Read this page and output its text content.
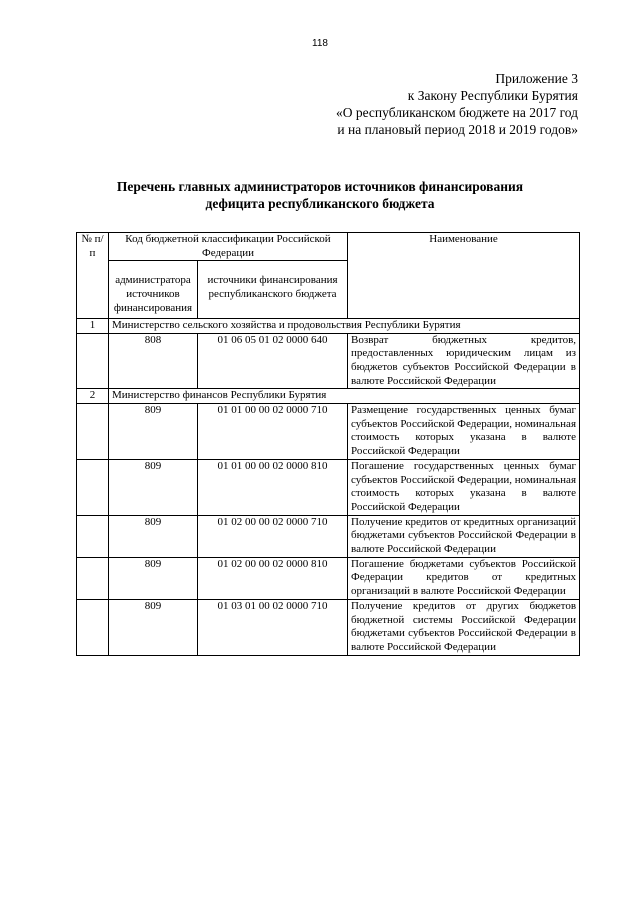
118
Приложение 3
к Закону Республики Бурятия
«О республиканском бюджете на 2017 год
и на плановый период 2018 и 2019 годов»
Перечень главных администраторов источников финансирования
дефицита республиканского бюджета
№ п/п	Код бюджетной классификации Российской Федерации		Наименование
	администратора источников финансирования	источники финансирования республиканского бюджета	
1	Министерство сельского хозяйства и продовольствия Республики Бурятия		
	808	01 06 05 01 02 0000 640	Возврат бюджетных кредитов, предоставленных юридическим лицам из бюджетов субъектов Российской Федерации в валюте Российской Федерации
2	Министерство финансов Республики Бурятия		
	809	01 01 00 00 02 0000 710	Размещение государственных ценных бумаг субъектов Российской Федерации, номинальная стоимость которых указана в валюте Российской Федерации
	809	01 01 00 00 02 0000 810	Погашение государственных ценных бумаг субъектов Российской Федерации, номинальная стоимость которых указана в валюте Российской Федерации
	809	01 02 00 00 02 0000 710	Получение кредитов от кредитных организаций бюджетами субъектов Российской Федерации в валюте Российской Федерации
	809	01 02 00 00 02 0000 810	Погашение бюджетами субъектов Российской Федерации кредитов от кредитных организаций в валюте Российской Федерации
	809	01 03 01 00 02 0000 710	Получение кредитов от других бюджетов бюджетной системы Российской Федерации бюджетами субъектов Российской Федерации в валюте Российской Федерации
